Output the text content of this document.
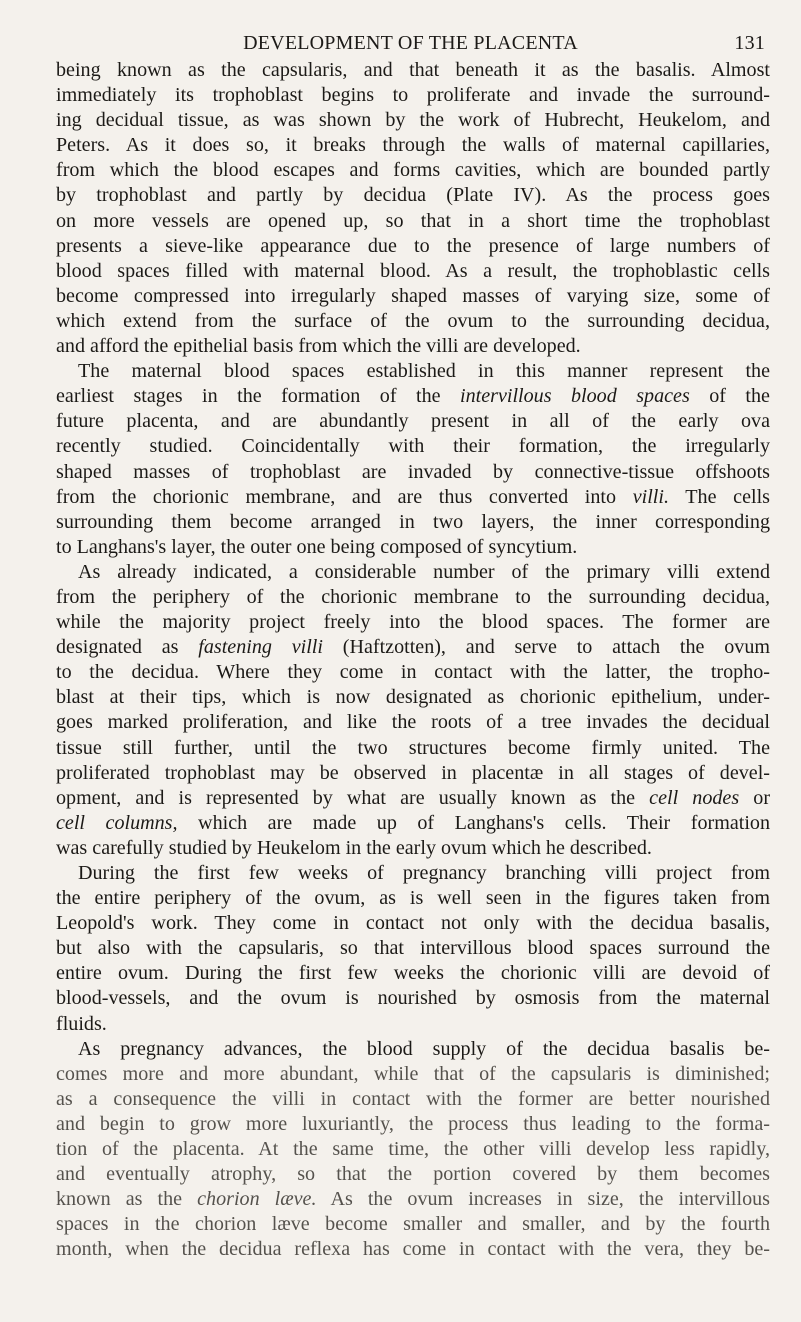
DEVELOPMENT OF THE PLACENTA	131
being known as the capsularis, and that beneath it as the basalis. Almost
immediately its trophoblast begins to proliferate and invade the surround-
ing decidual tissue, as was shown by the work of Hubrecht, Heukelom, and
Peters. As it does so, it breaks through the walls of maternal capillaries,
from which the blood escapes and forms cavities, which are bounded partly
by trophoblast and partly by decidua (Plate IV). As the process goes
on more vessels are opened up, so that in a short time the trophoblast
presents a sieve-like appearance due to the presence of large numbers of
blood spaces filled with maternal blood. As a result, the trophoblastic cells
become compressed into irregularly shaped masses of varying size, some of
which extend from the surface of the ovum to the surrounding decidua,
and afford the epithelial basis from which the villi are developed.
The maternal blood spaces established in this manner represent the
earliest stages in the formation of the intervillous blood spaces of the
future placenta, and are abundantly present in all of the early ova
recently studied. Coincidentally with their formation, the irregularly
shaped masses of trophoblast are invaded by connective-tissue offshoots
from the chorionic membrane, and are thus converted into villi. The cells
surrounding them become arranged in two layers, the inner corresponding
to Langhans's layer, the outer one being composed of syncytium.
As already indicated, a considerable number of the primary villi extend
from the periphery of the chorionic membrane to the surrounding decidua,
while the majority project freely into the blood spaces. The former are
designated as fastening villi (Haftzotten), and serve to attach the ovum
to the decidua. Where they come in contact with the latter, the tropho-
blast at their tips, which is now designated as chorionic epithelium, under-
goes marked proliferation, and like the roots of a tree invades the decidual
tissue still further, until the two structures become firmly united. The
proliferated trophoblast may be observed in placentæ in all stages of devel-
opment, and is represented by what are usually known as the cell nodes or
cell columns, which are made up of Langhans's cells. Their formation
was carefully studied by Heukelom in the early ovum which he described.
During the first few weeks of pregnancy branching villi project from
the entire periphery of the ovum, as is well seen in the figures taken from
Leopold's work. They come in contact not only with the decidua basalis,
but also with the capsularis, so that intervillous blood spaces surround the
entire ovum. During the first few weeks the chorionic villi are devoid of
blood-vessels, and the ovum is nourished by osmosis from the maternal
fluids.
As pregnancy advances, the blood supply of the decidua basalis be-
comes more and more abundant, while that of the capsularis is diminished;
as a consequence the villi in contact with the former are better nourished
and begin to grow more luxuriantly, the process thus leading to the forma-
tion of the placenta. At the same time, the other villi develop less rapidly,
and eventually atrophy, so that the portion covered by them becomes
known as the chorion læve. As the ovum increases in size, the intervillous
spaces in the chorion læve become smaller and smaller, and by the fourth
month, when the decidua reflexa has come in contact with the vera, they be-
